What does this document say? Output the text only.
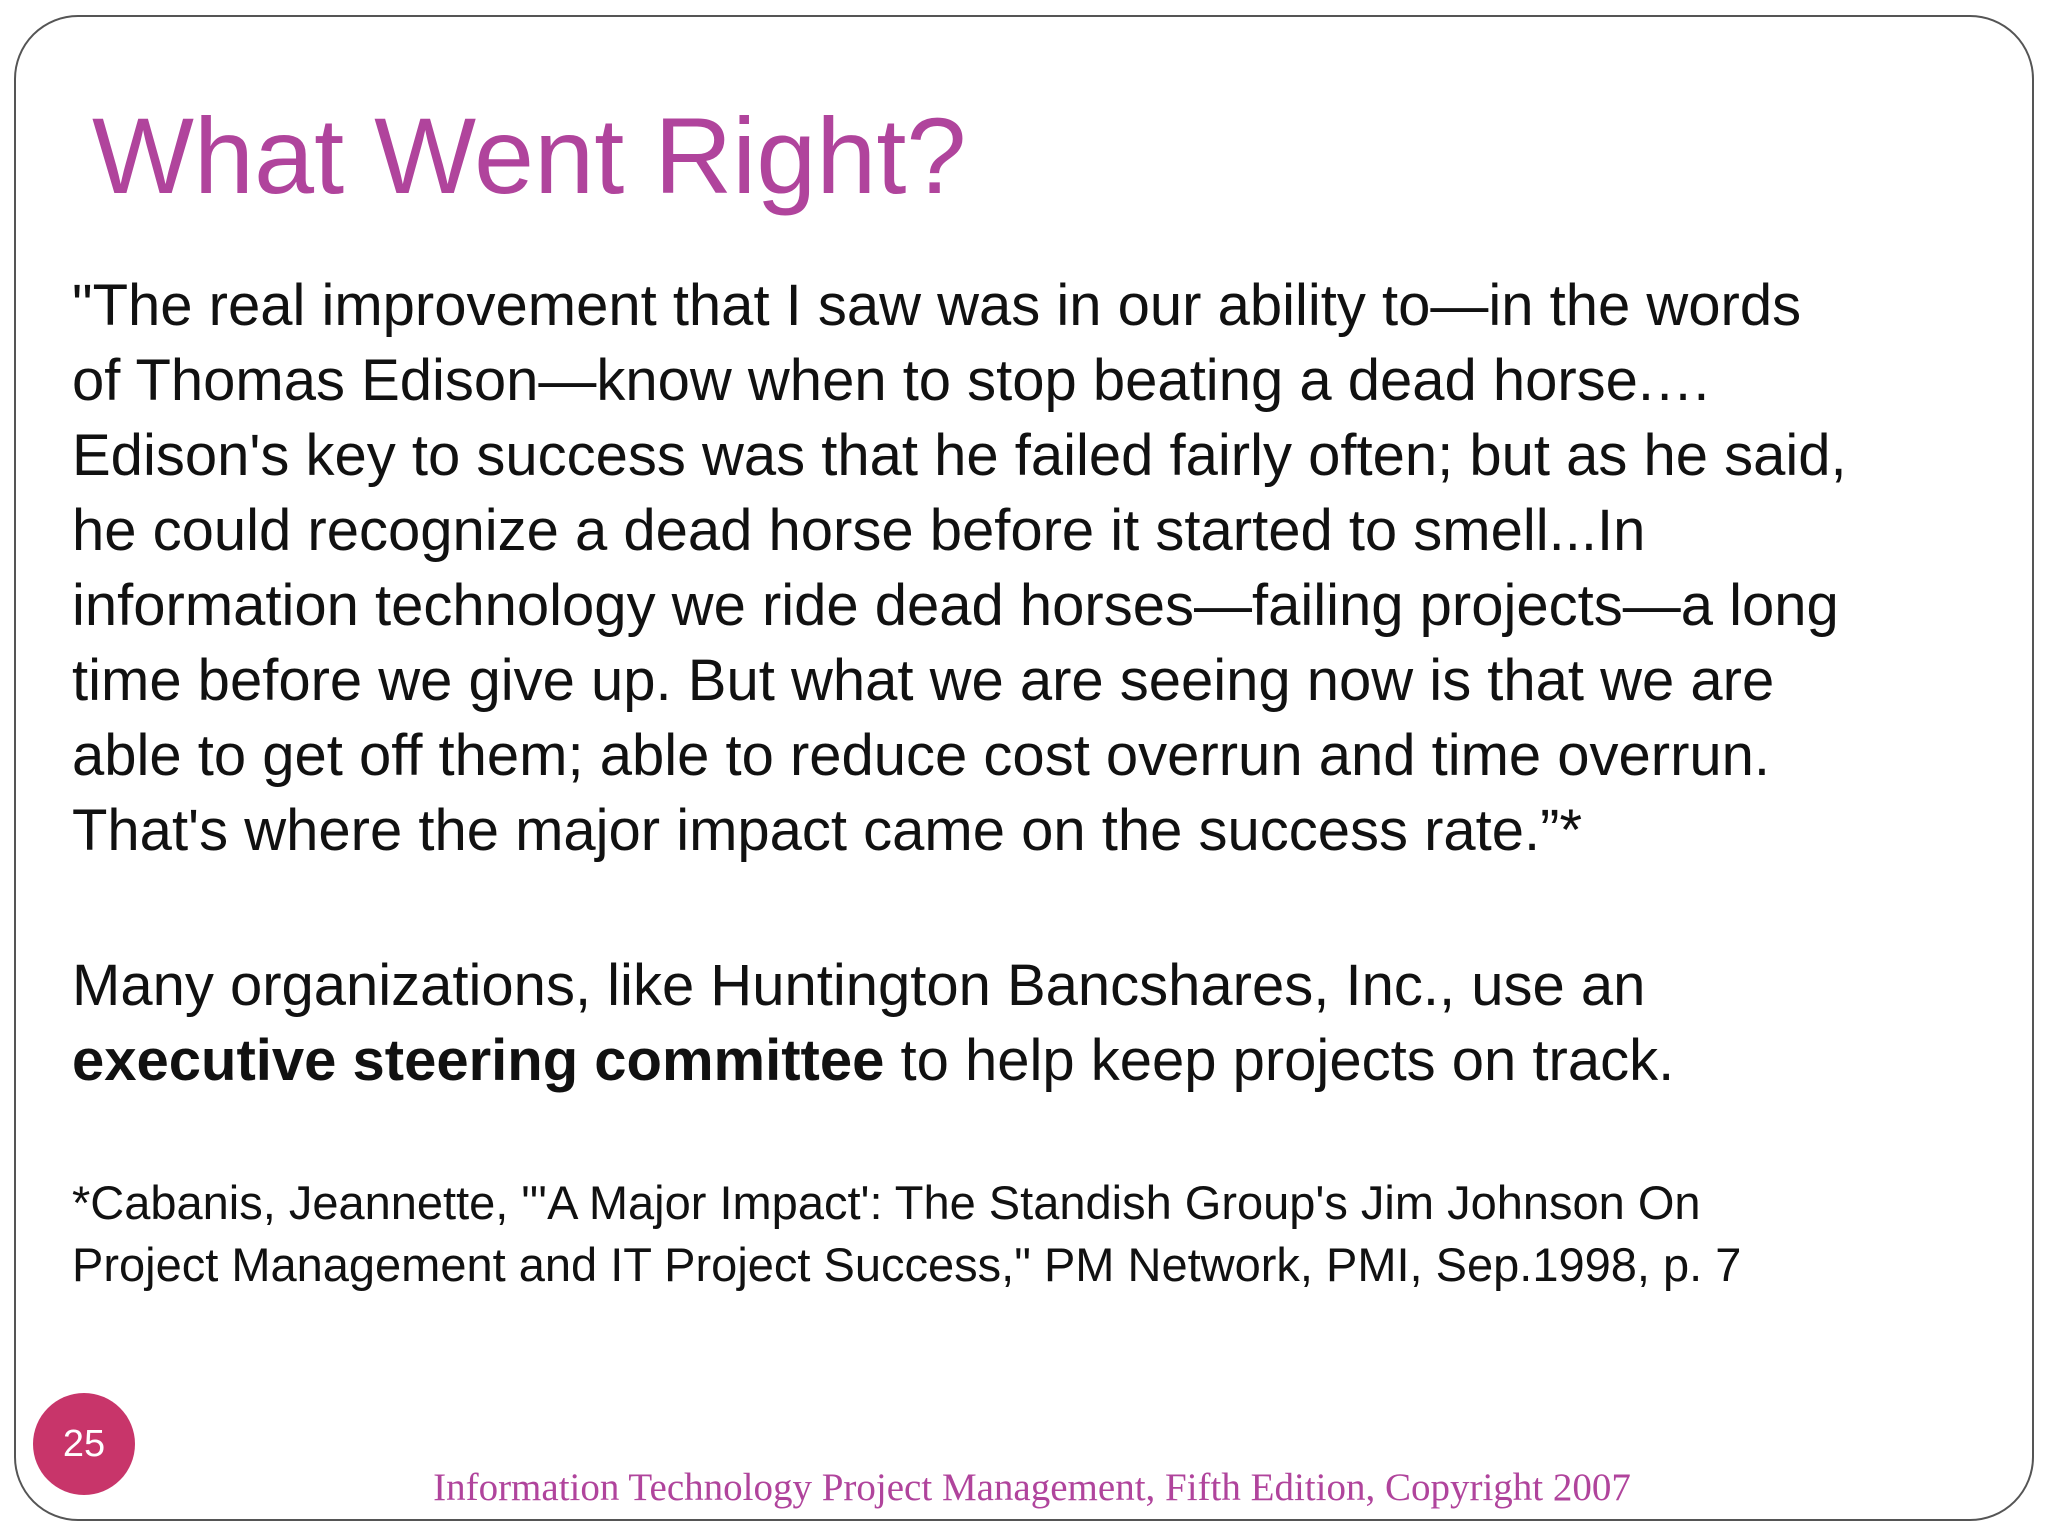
What Went Right?
"The real improvement that I saw was in our ability to—in the words
of Thomas Edison—know when to stop beating a dead horse.…
Edison's key to success was that he failed fairly often; but as he said,
he could recognize a dead horse before it started to smell...In
information technology we ride dead horses—failing projects—a long
time before we give up. But what we are seeing now is that we are
able to get off them; able to reduce cost overrun and time overrun.
That's where the major impact came on the success rate.”*
Many organizations, like Huntington Bancshares, Inc., use an
executive steering committee to help keep projects on track.
*Cabanis, Jeannette, "'A Major Impact': The Standish Group's Jim Johnson On
Project Management and IT Project Success," PM Network, PMI, Sep.1998, p. 7
25
Information Technology Project Management, Fifth Edition, Copyright 2007
